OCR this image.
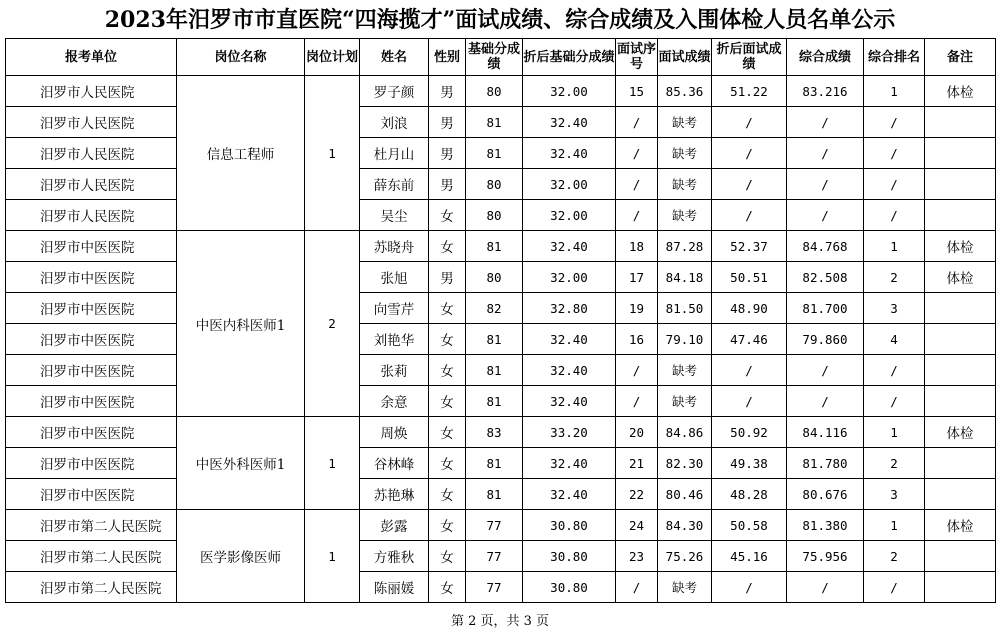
2023年汨罗市市直医院“四海揽才”面试成绩、综合成绩及入围体检人员名单公示
报考单位	岗位名称	岗位计划	姓名	性别	基础分成绩	折后基础分成绩	面试序号	面试成绩	折后面试成绩	综合成绩	综合排名	备注
汨罗市人民医院	信息工程师	1	罗子颜	男	80	32.00	15	85.36	51.22	83.216	1	体检
汨罗市人民医院			刘浪	男	81	32.40	/	缺考	/	/	/	
汨罗市人民医院			杜月山	男	81	32.40	/	缺考	/	/	/	
汨罗市人民医院			薛东前	男	80	32.00	/	缺考	/	/	/	
汨罗市人民医院			吴尘	女	80	32.00	/	缺考	/	/	/	
汨罗市中医医院	中医内科医师1	2	苏晓舟	女	81	32.40	18	87.28	52.37	84.768	1	体检
汨罗市中医医院			张旭	男	80	32.00	17	84.18	50.51	82.508	2	体检
汨罗市中医医院			向雪芹	女	82	32.80	19	81.50	48.90	81.700	3	
汨罗市中医医院			刘艳华	女	81	32.40	16	79.10	47.46	79.860	4	
汨罗市中医医院			张莉	女	81	32.40	/	缺考	/	/	/	
汨罗市中医医院			余意	女	81	32.40	/	缺考	/	/	/	
汨罗市中医医院	中医外科医师1	1	周焕	女	83	33.20	20	84.86	50.92	84.116	1	体检
汨罗市中医医院			谷林峰	女	81	32.40	21	82.30	49.38	81.780	2	
汨罗市中医医院			苏艳琳	女	81	32.40	22	80.46	48.28	80.676	3	
汨罗市第二人民医院	医学影像医师	1	彭露	女	77	30.80	24	84.30	50.58	81.380	1	体检
汨罗市第二人民医院			方雅秋	女	77	30.80	23	75.26	45.16	75.956	2	
汨罗市第二人民医院			陈丽媛	女	77	30.80	/	缺考	/	/	/	
第 2 页，共 3 页
